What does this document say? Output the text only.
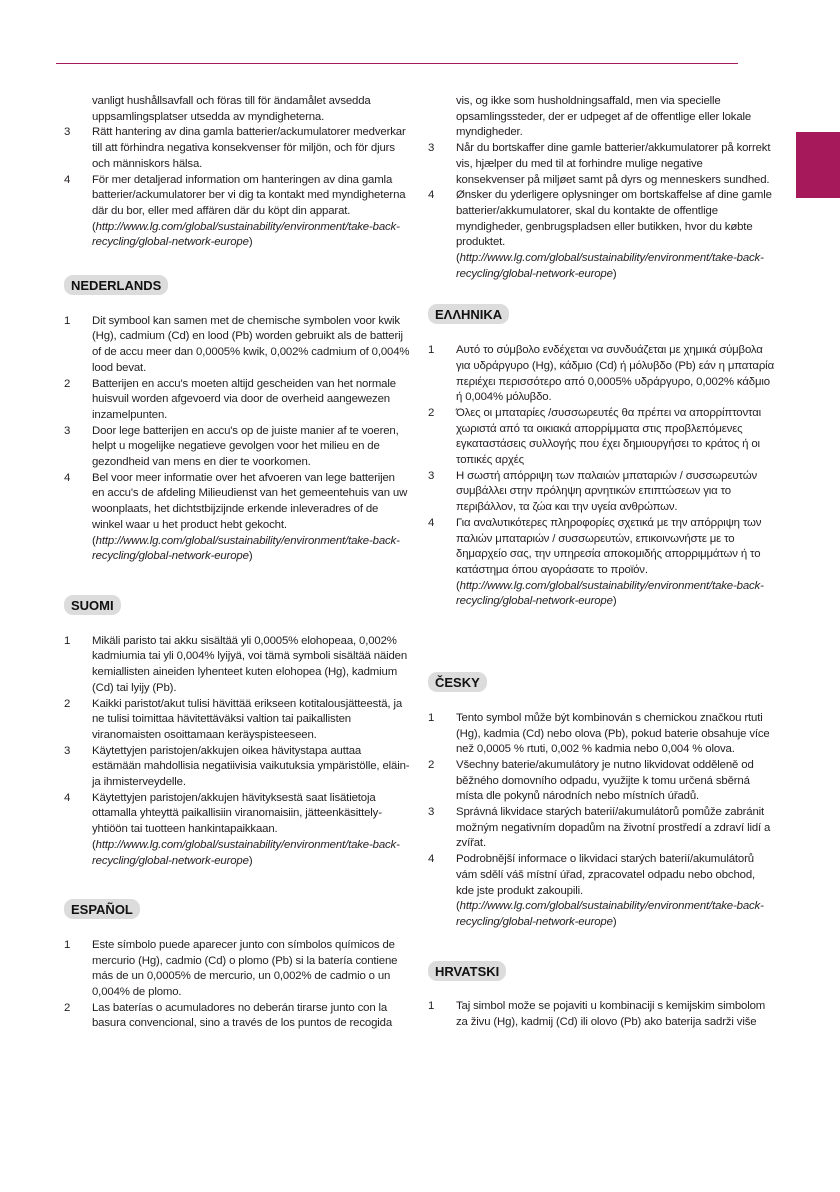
vanligt hushållsavfall och föras till för ändamålet avsedda uppsamlingsplatser utsedda av myndigheterna.
3 Rätt hantering av dina gamla batterier/ackumulatorer medverkar till att förhindra negativa konsekvenser för miljön, och för djurs och människors hälsa.
4 För mer detaljerad information om hanteringen av dina gamla batterier/ackumulatorer ber vi dig ta kontakt med myndigheterna där du bor, eller med affären där du köpt din apparat. (http://www.lg.com/global/sustainability/environment/take-back-recycling/global-network-europe)
NEDERLANDS
1 Dit symbool kan samen met de chemische symbolen voor kwik (Hg), cadmium (Cd) en lood (Pb) worden gebruikt als de batterij of de accu meer dan 0,0005% kwik, 0,002% cadmium of 0,004% lood bevat.
2 Batterijen en accu's moeten altijd gescheiden van het normale huisvuil worden afgevoerd via door de overheid aangewezen inzamelpunten.
3 Door lege batterijen en accu's op de juiste manier af te voeren, helpt u mogelijke negatieve gevolgen voor het milieu en de gezondheid van mens en dier te voorkomen.
4 Bel voor meer informatie over het afvoeren van lege batterijen en accu's de afdeling Milieudienst van het gemeentehuis van uw woonplaats, het dichtstbijzijnde erkende inleveradres of de winkel waar u het product hebt gekocht. (http://www.lg.com/global/sustainability/environment/take-back-recycling/global-network-europe)
SUOMI
1 Mikäli paristo tai akku sisältää yli 0,0005% elohopeaa, 0,002% kadmiumia tai yli 0,004% lyijyä, voi tämä symboli sisältää näiden kemiallisten aineiden lyhenteet kuten elohopea (Hg), kadmium (Cd) tai lyijy (Pb).
2 Kaikki paristot/akut tulisi hävittää erikseen kotitalousjätteestä, ja ne tulisi toimittaa hävitettäväksi valtion tai paikallisten viranomaisten osoittamaan keräyspisteeseen.
3 Käytettyjen paristojen/akkujen oikea hävitystapa auttaa estämään mahdollisia negatiivisia vaikutuksia ympäristölle, eläin- ja ihmisterveydelle.
4 Käytettyjen paristojen/akkujen hävityksestä saat lisätietoja ottamalla yhteyttä paikallisiin viranomaisiin, jätteenkäsittely-yhtiöön tai tuotteen hankintapaikkaan. (http://www.lg.com/global/sustainability/environment/take-back-recycling/global-network-europe)
ESPAÑOL
1 Este símbolo puede aparecer junto con símbolos químicos de mercurio (Hg), cadmio (Cd) o plomo (Pb) si la batería contiene más de un 0,0005% de mercurio, un 0,002% de cadmio o un 0,004% de plomo.
2 Las baterías o acumuladores no deberán tirarse junto con la basura convencional, sino a través de los puntos de recogida
vis, og ikke som husholdningsaffald, men via specielle opsamlingssteder, der er udpeget af de offentlige eller lokale myndigheder.
3 Når du bortskaffer dine gamle batterier/akkumulatorer på korrekt vis, hjælper du med til at forhindre mulige negative konsekvenser på miljøet samt på dyrs og menneskers sundhed.
4 Ønsker du yderligere oplysninger om bortskaffelse af dine gamle batterier/akkumulatorer, skal du kontakte de offentlige myndigheder, genbrugspladsen eller butikken, hvor du købte produktet. (http://www.lg.com/global/sustainability/environment/take-back-recycling/global-network-europe)
ΕΛΛΗΝΙΚΑ
1 Αυτό το σύμβολο ενδέχεται να συνδυάζεται με χημικά σύμβολα για υδράργυρο (Hg), κάδμιο (Cd) ή μόλυβδο (Pb) εάν η μπαταρία περιέχει περισσότερο από 0,0005% υδράργυρο, 0,002% κάδμιο ή 0,004% μόλυβδο.
2 Όλες οι μπαταρίες /συσσωρευτές θα πρέπει να απορρίπτονται χωριστά από τα οικιακά απορρίμματα στις προβλεπόμενες εγκαταστάσεις συλλογής που έχει δημιουργήσει το κράτος ή οι τοπικές αρχές
3 Η σωστή απόρριψη των παλαιών μπαταριών / συσσωρευτών συμβάλλει στην πρόληψη αρνητικών επιπτώσεων για το περιβάλλον, τα ζώα και την υγεία ανθρώπων.
4 Για αναλυτικότερες πληροφορίες σχετικά με την απόρριψη των παλιών μπαταριών / συσσωρευτών, επικοινωνήστε με το δημαρχείο σας, την υπηρεσία αποκομιδής απορριμμάτων ή το κατάστημα όπου αγοράσατε το προϊόν. (http://www.lg.com/global/sustainability/environment/take-back-recycling/global-network-europe)
ČESKY
1 Tento symbol může být kombinován s chemickou značkou rtuti (Hg), kadmia (Cd) nebo olova (Pb), pokud baterie obsahuje více než 0,0005 % rtuti, 0,002 % kadmia nebo 0,004 % olova.
2 Všechny baterie/akumulátory je nutno likvidovat odděleně od běžného domovního odpadu, využijte k tomu určená sběrná místa dle pokynů národních nebo místních úřadů.
3 Správná likvidace starých baterií/akumulátorů pomůže zabránit možným negativním dopadům na životní prostředí a zdraví lidí a zvířat.
4 Podrobnější informace o likvidaci starých baterií/akumulátorů vám sdělí váš místní úřad, zpracovatel odpadu nebo obchod, kde jste produkt zakoupili. (http://www.lg.com/global/sustainability/environment/take-back-recycling/global-network-europe)
HRVATSKI
1 Taj simbol može se pojaviti u kombinaciji s kemijskim simbolom za živu (Hg), kadmij (Cd) ili olovo (Pb) ako baterija sadrži više
